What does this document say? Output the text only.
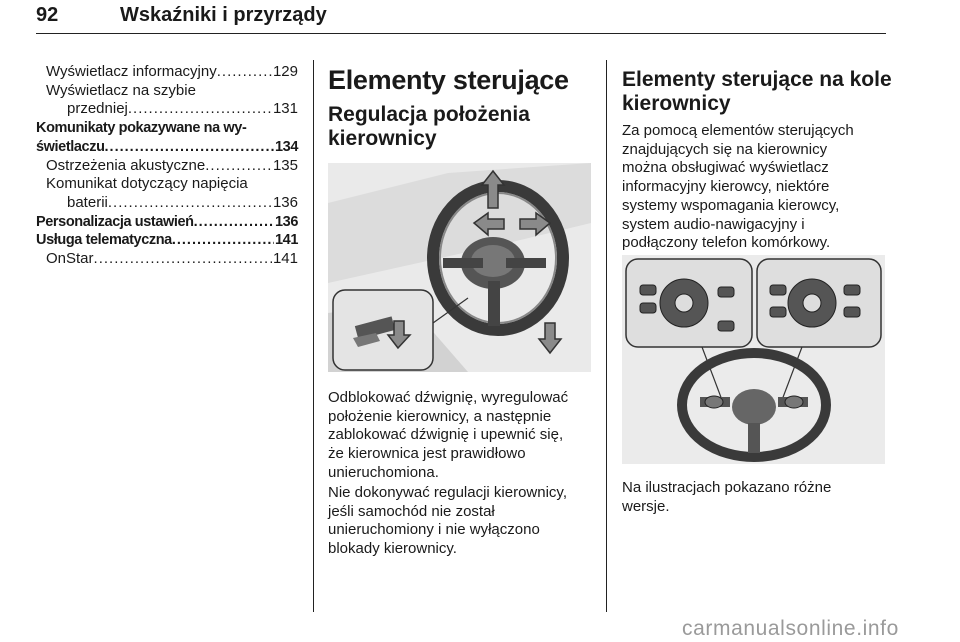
92	Wskaźniki i przyrządy
Wyświetlacz informacyjny .....	129
Wyświetlacz na szybie
przedniej .....	131
Komunikaty pokazywane na wy-
świetlaczu .....	134
Ostrzeżenia akustyczne .....	135
Komunikat dotyczący napięcia
baterii .....	136
Personalizacja ustawień .....	136
Usługa telematyczna .....	141
OnStar .....	141
Elementy sterujące
Regulacja położenia kierownicy
Odblokować dźwignię, wyregulować
położenie kierownicy, a następnie
zablokować dźwignię i upewnić się,
że kierownica jest prawidłowo
unieruchomiona.
Nie dokonywać regulacji kierownicy,
jeśli samochód nie został
unieruchomiony i nie wyłączono
blokady kierownicy.
Elementy sterujące na kole kierownicy
Za pomocą elementów sterujących
znajdujących się na kierownicy
można obsługiwać wyświetlacz
informacyjny kierowcy, niektóre
systemy wspomagania kierowcy,
system audio-nawigacyjny i
podłączony telefon komórkowy.
Na ilustracjach pokazano różne
wersje.
carmanualsonline.info
